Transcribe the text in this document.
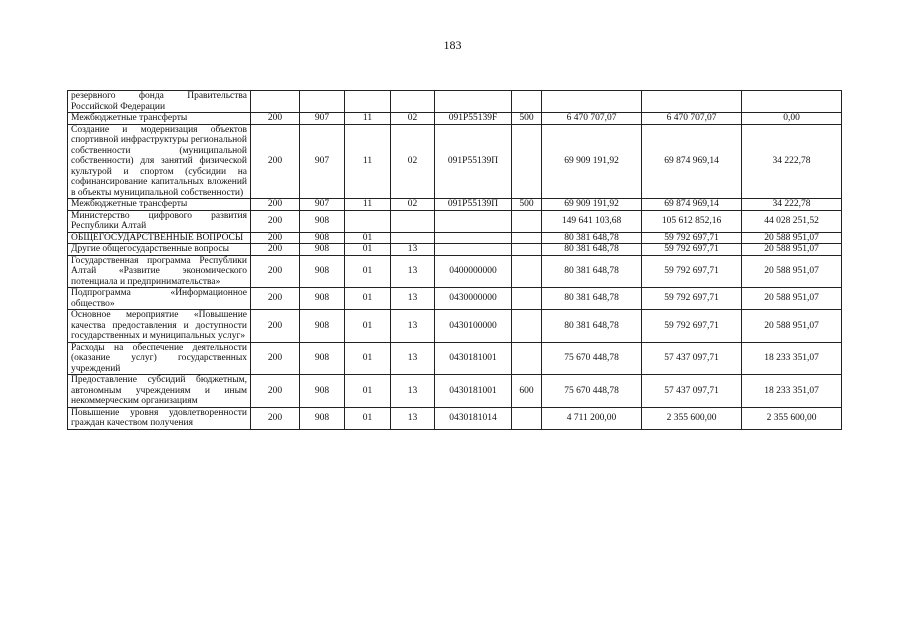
183
резервного фонда Правительства Российской Федерации									
Межбюджетные трансферты	200	907	11	02	091P55139F	500	6 470 707,07	6 470 707,07	0,00
Создание и модернизация объектов спортивной инфраструктуры региональной собственности (муниципальной собственности) для занятий физической культурой и спортом (субсидии на софинансирование капитальных вложений в объекты муниципальной собственности)	200	907	11	02	091P55139П		69 909 191,92	69 874 969,14	34 222,78
Межбюджетные трансферты	200	907	11	02	091P55139П	500	69 909 191,92	69 874 969,14	34 222,78
Министерство цифрового развития Республики Алтай	200	908					149 641 103,68	105 612 852,16	44 028 251,52
ОБЩЕГОСУДАРСТВЕННЫЕ ВОПРОСЫ	200	908	01				80 381 648,78	59 792 697,71	20 588 951,07
Другие общегосударственные вопросы	200	908	01	13			80 381 648,78	59 792 697,71	20 588 951,07
Государственная программа Республики Алтай «Развитие экономического потенциала и предпринимательства»	200	908	01	13	0400000000		80 381 648,78	59 792 697,71	20 588 951,07
Подпрограмма «Информационное общество»	200	908	01	13	0430000000		80 381 648,78	59 792 697,71	20 588 951,07
Основное мероприятие «Повышение качества предоставления и доступности государственных и муниципальных услуг»	200	908	01	13	0430100000		80 381 648,78	59 792 697,71	20 588 951,07
Расходы на обеспечение деятельности (оказание услуг) государственных учреждений	200	908	01	13	0430181001		75 670 448,78	57 437 097,71	18 233 351,07
Предоставление субсидий бюджетным, автономным учреждениям и иным некоммерческим организациям	200	908	01	13	0430181001	600	75 670 448,78	57 437 097,71	18 233 351,07
Повышение уровня удовлетворенности граждан качеством получения	200	908	01	13	0430181014		4 711 200,00	2 355 600,00	2 355 600,00
